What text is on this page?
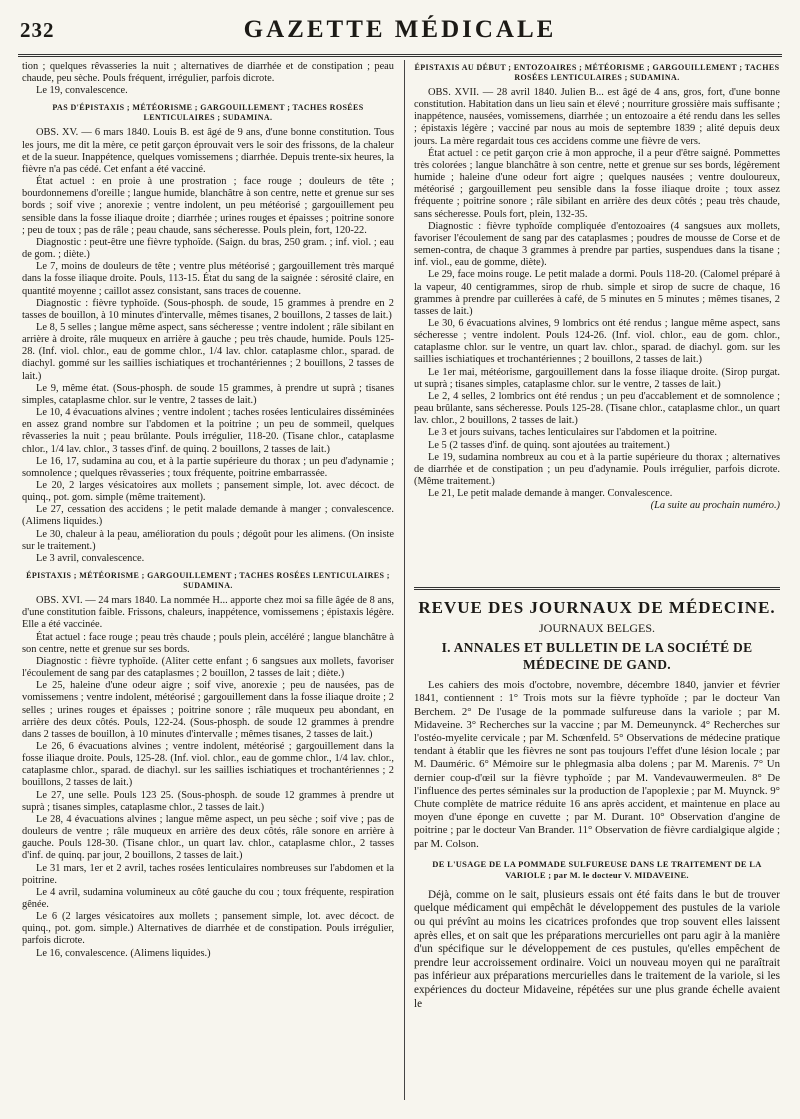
232	GAZETTE MÉDICALE

tion ; quelques rêvasseries la nuit ; alternatives de diarrhée et de constipation ; peau chaude, peu sèche. Pouls fréquent, irrégulier, parfois dicrote.

Le 19, convalescence.

PAS D'ÉPISTAXIS ; MÉTÉORISME ; GARGOUILLEMENT ; TACHES ROSÉES LENTICULAIRES ; SUDAMINA.

OBS. XV. — 6 mars 1840. Louis B. est âgé de 9 ans, d'une bonne constitution. Tous les jours, me dit la mère, ce petit garçon éprouvait vers le soir des frissons, de la chaleur et de la sueur. Inappétence, quelques vomissemens ; diarrhée. Depuis trente-six heures, la fièvre n'a pas cédé. Cet enfant a été vacciné.

État actuel : en proie à une prostration ; face rouge ; douleurs de tête ; bourdonnemens d'oreille ; langue humide, blanchâtre à son centre, nette et grenue sur ses bords ; soif vive ; anorexie ; ventre indolent, un peu météorisé ; gargouillement peu sensible dans la fosse iliaque droite ; diarrhée ; urines rouges et épaisses ; poitrine sonore ; peu de toux ; pas de râle ; peau chaude, sans sécheresse. Pouls plein, fort, 120-22.

Diagnostic : peut-être une fièvre typhoïde. (Saign. du bras, 250 gram. ; inf. viol. ; eau de gom. ; diète.)

Le 7, moins de douleurs de tête ; ventre plus météorisé ; gargouillement très marqué dans la fosse iliaque droite. Pouls, 113-15. État du sang de la saignée : sérosité claire, en quantité moyenne ; caillot assez consistant, sans traces de couenne.

Diagnostic : fièvre typhoïde. (Sous-phosph. de soude, 15 grammes à prendre en 2 tasses de bouillon, à 10 minutes d'intervalle, mêmes tisanes, 2 bouillons, 2 tasses de lait.)

Le 8, 5 selles ; langue même aspect, sans sécheresse ; ventre indolent ; râle sibilant en arrière à droite, râle muqueux en arrière à gauche ; peu très chaude, humide. Pouls 125-28. (Inf. viol. chlor., eau de gomme chlor., 1/4 lav. chlor. cataplasme chlor., sparad. de diachyl. gommé sur les saillies ischiatiques et trochantériennes ; 2 bouillons, 2 tasses de lait.)

Le 9, même état. (Sous-phosph. de soude 15 grammes, à prendre ut suprà ; tisanes simples, cataplasme chlor. sur le ventre, 2 tasses de lait.)

Le 10, 4 évacuations alvines ; ventre indolent ; taches rosées lenticulaires disséminées en assez grand nombre sur l'abdomen et la poitrine ; un peu de sommeil, quelques rêvasseries la nuit ; peau brûlante. Pouls irrégulier, 118-20. (Tisane chlor., cataplasme chlor., 1/4 lav. chlor., 3 tasses d'inf. de quinq. 2 bouillons, 2 tasses de lait.)

Le 16, 17, sudamina au cou, et à la partie supérieure du thorax ; un peu d'adynamie ; somnolence ; quelques rêvasseries ; toux fréquente, poitrine embarrassée.

Le 20, 2 larges vésicatoires aux mollets ; pansement simple, lot. avec décoct. de quinq., pot. gom. simple (même traitement).

Le 27, cessation des accidens ; le petit malade demande à manger ; convalescence. (Alimens liquides.)

Le 30, chaleur à la peau, amélioration du pouls ; dégoût pour les alimens. (On insiste sur le traitement.)

Le 3 avril, convalescence.

ÉPISTAXIS ; MÉTÉORISME ; GARGOUILLEMENT ; TACHES ROSÉES LENTICULAIRES ; SUDAMINA.

OBS. XVI. — 24 mars 1840. La nommée H... apporte chez moi sa fille âgée de 8 ans, d'une constitution faible. Frissons, chaleurs, inappétence, vomissemens ; épistaxis légère. Elle a été vaccinée.

État actuel : face rouge ; peau très chaude ; pouls plein, accéléré ; langue blanchâtre à son centre, nette et grenue sur ses bords.

Diagnostic : fièvre typhoïde. (Aliter cette enfant ; 6 sangsues aux mollets, favoriser l'écoulement de sang par des cataplasmes ; 2 bouillon, 2 tasses de lait ; diète.)

Le 25, haleine d'une odeur aigre ; soif vive, anorexie ; peu de nausées, pas de vomissemens ; ventre indolent, météorisé ; gargouillement dans la fosse iliaque droite ; 2 selles ; urines rouges et épaisses ; poitrine sonore ; râle muqueux peu abondant, en arrière des deux côtés. Pouls, 122-24. (Sous-phosph. de soude 12 grammes à prendre dans 2 tasses de bouillon, à 10 minutes d'intervalle ; mêmes tisanes, 2 tasses de lait.)

Le 26, 6 évacuations alvines ; ventre indolent, météorisé ; gargouillement dans la fosse iliaque droite. Pouls, 125-28. (Inf. viol. chlor., eau de gomme chlor., 1/4 lav. chlor., cataplasme chlor., sparad. de diachyl. sur les saillies ischiatiques et trochantériennes ; 2 bouillons, 2 tasses de lait.)

Le 27, une selle. Pouls 123 25. (Sous-phosph. de soude 12 grammes à prendre ut suprà ; tisanes simples, cataplasme chlor., 2 tasses de lait.)

Le 28, 4 évacuations alvines ; langue même aspect, un peu sèche ; soif vive ; pas de douleurs de ventre ; râle muqueux en arrière des deux côtés, râle sonore en arrière à gauche. Pouls 128-30. (Tisane chlor., un quart lav. chlor., cataplasme chlor., 2 tasses d'inf. de quinq. par jour, 2 bouillons, 2 tasses de lait.)

Le 31 mars, 1er et 2 avril, taches rosées lenticulaires nombreuses sur l'abdomen et la poitrine.

Le 4 avril, sudamina volumineux au côté gauche du cou ; toux fréquente, respiration gênée.

Le 6 (2 larges vésicatoires aux mollets ; pansement simple, lot. avec décoct. de quinq., pot. gom. simple.) Alternatives de diarrhée et de constipation. Pouls irrégulier, parfois dicrote.

Le 16, convalescence. (Alimens liquides.)

ÉPISTAXIS AU DÉBUT ; ENTOZOAIRES ; MÉTÉORISME ; GARGOUILLEMENT ; TACHES ROSÉES LENTICULAIRES ; SUDAMINA.

OBS. XVII. — 28 avril 1840. Julien B... est âgé de 4 ans, gros, fort, d'une bonne constitution. Habitation dans un lieu sain et élevé ; nourriture grossière mais suffisante ; inappétence, nausées, vomissemens, diarrhée ; un entozoaire a été rendu dans les selles ; épistaxis légère ; vacciné par nous au mois de septembre 1839 ; alité depuis deux jours. La mère regardait tous ces accidens comme une fièvre de vers.

État actuel : ce petit garçon crie à mon approche, il a peur d'être saigné. Pommettes très colorées ; langue blanchâtre à son centre, nette et grenue sur ses bords, légèrement humide ; haleine d'une odeur fort aigre ; quelques nausées ; ventre douloureux, météorisé ; gargouillement peu sensible dans la fosse iliaque droite ; toux assez fréquente ; poitrine sonore ; râle sibilant en arrière des deux côtés ; peau très chaude, sans sécheresse. Pouls fort, plein, 132-35.

Diagnostic : fièvre typhoïde compliquée d'entozoaires (4 sangsues aux mollets, favoriser l'écoulement de sang par des cataplasmes ; poudres de mousse de Corse et de semen-contra, de chaque 3 grammes à prendre par parties, suspendues dans la tisane ; inf. viol., eau de gomme, diète).

Le 29, face moins rouge. Le petit malade a dormi. Pouls 118-20. (Calomel préparé à la vapeur, 40 centigrammes, sirop de rhub. simple et sirop de sucre de chaque, 16 grammes à prendre par cuillerées à café, de 5 minutes en 5 minutes ; mêmes tisanes, 2 tasses de lait.)

Le 30, 6 évacuations alvines, 9 lombrics ont été rendus ; langue même aspect, sans sécheresse ; ventre indolent. Pouls 124-26. (Inf. viol. chlor., eau de gom. chlor., cataplasme chlor. sur le ventre, un quart lav. chlor., sparad. de diachyl. gom. sur les saillies ischiatiques et trochantériennes ; 2 bouillons, 2 tasses de lait.)

Le 1er mai, météorisme, gargouillement dans la fosse iliaque droite. (Sirop purgat. ut suprà ; tisanes simples, cataplasme chlor. sur le ventre, 2 tasses de lait.)

Le 2, 4 selles, 2 lombrics ont été rendus ; un peu d'accablement et de somnolence ; peau brûlante, sans sécheresse. Pouls 125-28. (Tisane chlor., cataplasme chlor., un quart lav. chlor., 2 bouillons, 2 tasses de lait.)

Le 3 et jours suivans, taches lenticulaires sur l'abdomen et la poitrine.

Le 5 (2 tasses d'inf. de quinq. sont ajoutées au traitement.)

Le 19, sudamina nombreux au cou et à la partie supérieure du thorax ; alternatives de diarrhée et de constipation ; un peu d'adynamie. Pouls irrégulier, parfois dicrote. (Même traitement.)

Le 21, Le petit malade demande à manger. Convalescence.

(La suite au prochain numéro.)

REVUE DES JOURNAUX DE MÉDECINE.
JOURNAUX BELGES.
I. ANNALES ET BULLETIN DE LA SOCIÉTÉ DE MÉDECINE DE GAND.

Les cahiers des mois d'octobre, novembre, décembre 1840, janvier et février 1841, contiennent : 1° Trois mots sur la fièvre typhoïde ; par le docteur Van Berchem. 2° De l'usage de la pommade sulfureuse dans la variole ; par M. Midaveine. 3° Recherches sur la vaccine ; par M. Demeunynck. 4° Recherches sur l'ostéo-myelite cervicale ; par M. Schœnfeld. 5° Observations de médecine pratique tendant à établir que les fièvres ne sont pas toujours l'effet d'une lésion locale ; par M. Dauméric. 6° Mémoire sur le phlegmasia alba dolens ; par M. Marenis. 7° Un dernier coup-d'œil sur la fièvre typhoïde ; par M. Vandevauwermeulen. 8° De l'influence des pertes séminales sur la production de l'apoplexie ; par M. Muynck. 9° Chute complète de matrice réduite 16 ans après accident, et maintenue en place au moyen d'une éponge en cuvette ; par M. Durant. 10° Observation d'angine de poitrine ; par le docteur Van Brander. 11° Observation de fièvre cardialgique algide ; par M. Colson.

DE L'USAGE DE LA POMMADE SULFUREUSE DANS LE TRAITEMENT DE LA VARIOLE ; par M. le docteur V. MIDAVEINE.

Déjà, comme on le sait, plusieurs essais ont été faits dans le but de trouver quelque médicament qui empêchât le développement des pustules de la variole ou qui prévînt au moins les cicatrices profondes que trop souvent elles laissent après elles, et on sait que les préparations mercurielles ont paru agir à la manière d'un spécifique sur le développement de ces pustules, qu'elles empêchent de prendre leur accroissement ordinaire. Voici un nouveau moyen qui ne paraîtrait pas inférieur aux préparations mercurielles dans le traitement de la variole, si les expériences du docteur Midaveine, répétées sur une plus grande échelle avaient le
